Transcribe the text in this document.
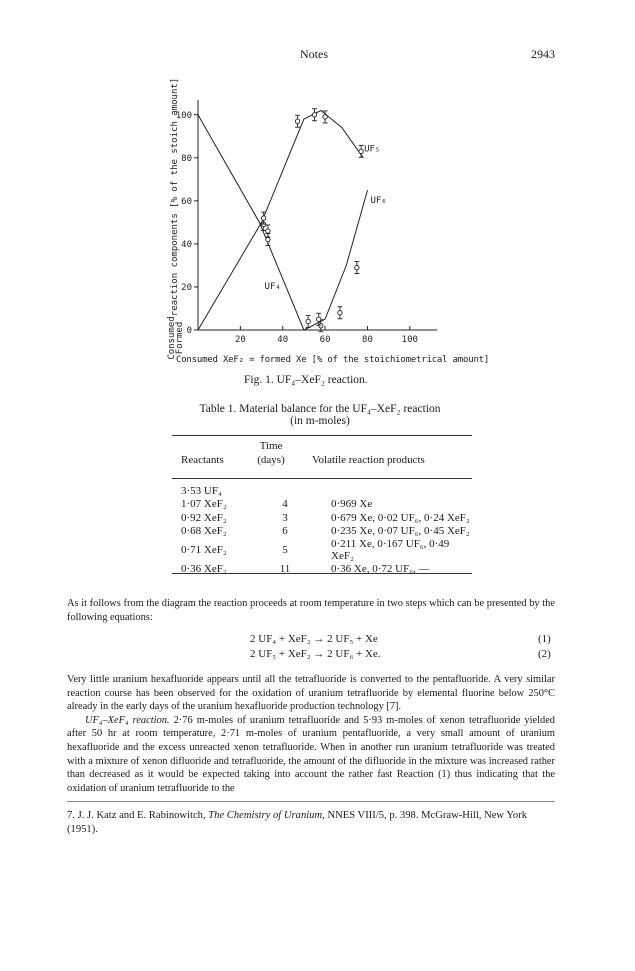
Notes	2943
Formed
Consumed
reaction components [% of the stoich amount]
0
20
40
60
80
100
20	40	60	80	100
UF₄
UF₅
UF₆
Consumed XeF₂ = formed Xe [% of the stoichiometrical amount]
Fig. 1. UF₄–XeF₂ reaction.
Table 1. Material balance for the UF₄–XeF₂ reaction
(in m-moles)
Time
Reactants	(days)	Volatile reaction products
3·53 UF₄		
1·07 XeF₂	4	0·969 Xe
0·92 XeF₂	3	0·679 Xe, 0·02 UF₆, 0·24 XeF₂
0·68 XeF₂	6	0·235 Xe, 0·07 UF₆, 0·45 XeF₂
0·71 XeF₂	5	0·211 Xe, 0·167 UF₆, 0·49 XeF₂
0·36 XeF₂	11	0·36 Xe, 0·72 UF₆, —
As it follows from the diagram the reaction proceeds at room temperature in two steps which can be presented by the following equations:
2 UF₄ + XeF₂ → 2 UF₅ + Xe	(1)
2 UF₅ + XeF₂ → 2 UF₆ + Xe.	(2)
Very little uranium hexafluoride appears until all the tetrafluoride is converted to the pentafluoride. A very similar reaction course has been observed for the oxidation of uranium tetrafluoride by elemental fluorine below 250°C already in the early days of the uranium hexafluoride production technology [7].
UF₄–XeF₄ reaction. 2·76 m-moles of uranium tetrafluoride and 5·93 m-moles of xenon tetrafluoride yielded after 50 hr at room temperature, 2·71 m-moles of uranium pentafluoride, a very small amount of uranium hexafluoride and the excess unreacted xenon tetrafluoride. When in another run uranium tetrafluoride was treated with a mixture of xenon difluoride and tetrafluoride, the amount of the difluoride in the mixture was increased rather than decreased as it would be expected taking into account the rather fast Reaction (1) thus indicating that the oxidation of uranium tetrafluoride to the
7. J. J. Katz and E. Rabinowitch, The Chemistry of Uranium, NNES VIII/5, p. 398. McGraw-Hill, New York (1951).
